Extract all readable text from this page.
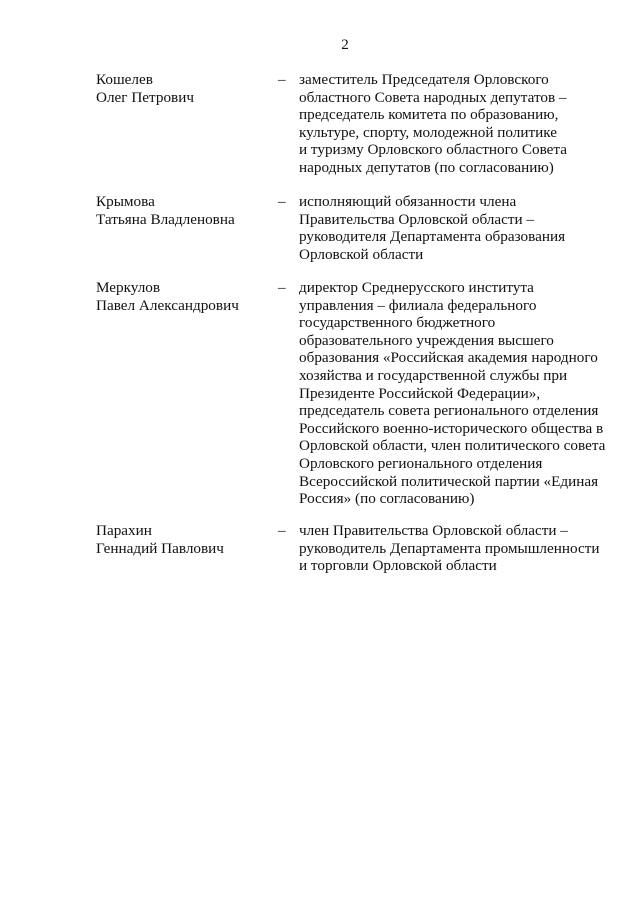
2
Кошелев
Олег Петрович
– заместитель Председателя Орловского
областного Совета народных депутатов –
председатель комитета по образованию,
культуре, спорту, молодежной политике
и туризму Орловского областного Совета
народных депутатов (по согласованию)
Крымова
Татьяна Владленовна
– исполняющий обязанности члена
Правительства Орловской области –
руководителя Департамента образования
Орловской области
Меркулов
Павел Александрович
– директор Среднерусского института
управления – филиала федерального
государственного бюджетного
образовательного учреждения высшего
образования «Российская академия народного
хозяйства и государственной службы при
Президенте Российской Федерации»,
председатель совета регионального отделения
Российского военно-исторического общества в
Орловской области, член политического совета
Орловского регионального отделения
Всероссийской политической партии «Единая
Россия» (по согласованию)
Парахин
Геннадий Павлович
– член Правительства Орловской области –
руководитель Департамента промышленности
и торговли Орловской области
